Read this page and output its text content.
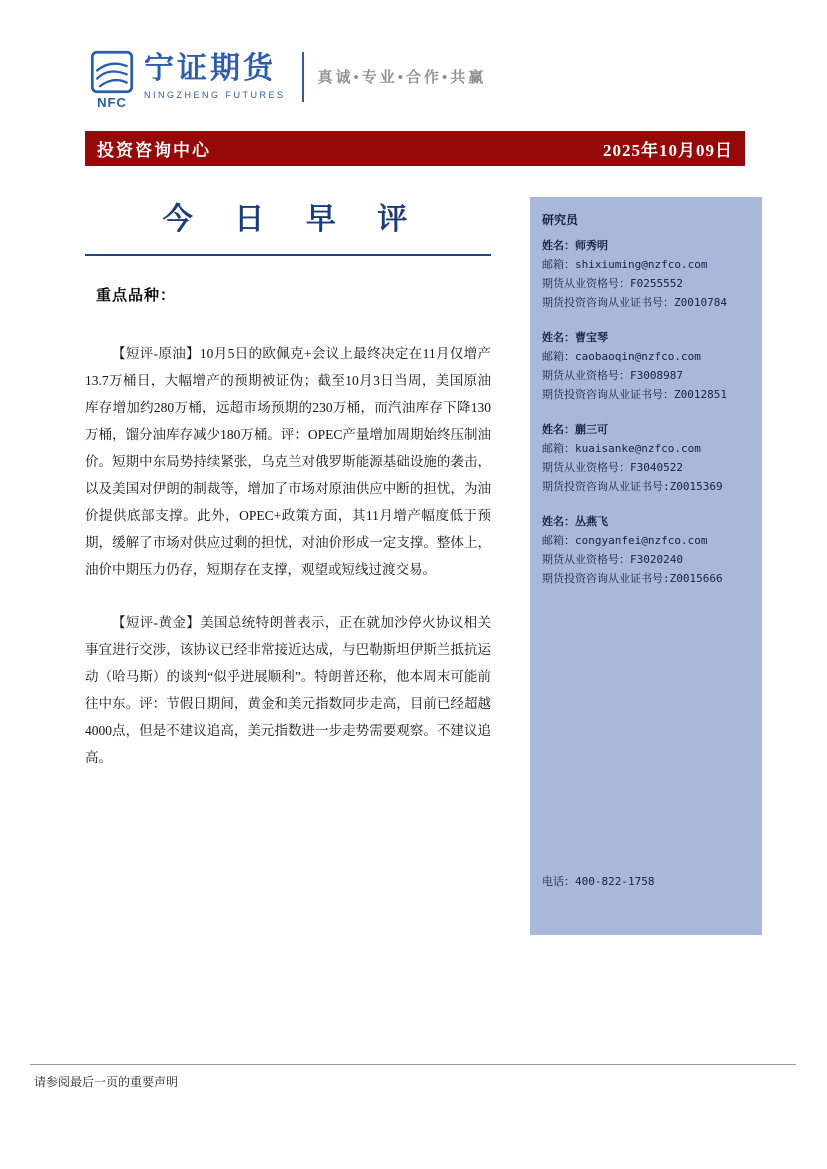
NFC
宁证期货
NINGZHENG FUTURES
真诚•专业•合作•共赢
投资咨询中心	2025年10月09日
今 日 早 评
重点品种：

【短评-原油】10月5日的欧佩克+会议上最终决定在11月仅增产13.7万桶日，大幅增产的预期被证伪；截至10月3日当周，美国原油库存增加约280万桶，远超市场预期的230万桶，而汽油库存下降130万桶，馏分油库存减少180万桶。评：OPEC产量增加周期始终压制油价。短期中东局势持续紧张，乌克兰对俄罗斯能源基础设施的袭击，以及美国对伊朗的制裁等，增加了市场对原油供应中断的担忧，为油价提供底部支撑。此外，OPEC+政策方面，其11月增产幅度低于预期，缓解了市场对供应过剩的担忧，对油价形成一定支撑。整体上，油价中期压力仍存，短期存在支撑，观望或短线过渡交易。

【短评-黄金】美国总统特朗普表示，正在就加沙停火协议相关事宜进行交涉，该协议已经非常接近达成，与巴勒斯坦伊斯兰抵抗运动（哈马斯）的谈判“似乎进展顺利”。特朗普还称，他本周末可能前往中东。评：节假日期间，黄金和美元指数同步走高，目前已经超越4000点，但是不建议追高，美元指数进一步走势需要观察。不建议追高。

研究员
姓名：师秀明
邮箱：shixiuming@nzfco.com
期货从业资格号：F0255552
期货投资咨询从业证书号：Z0010784
姓名：曹宝琴
邮箱：caobaoqin@nzfco.com
期货从业资格号：F3008987
期货投资咨询从业证书号：Z0012851
姓名：蒯三可
邮箱：kuaisanke@nzfco.com
期货从业资格号：F3040522
期货投资咨询从业证书号:Z0015369
姓名：丛燕飞
邮箱：congyanfei@nzfco.com
期货从业资格号：F3020240
期货投资咨询从业证书号:Z0015666
电话：400-822-1758
请参阅最后一页的重要声明
